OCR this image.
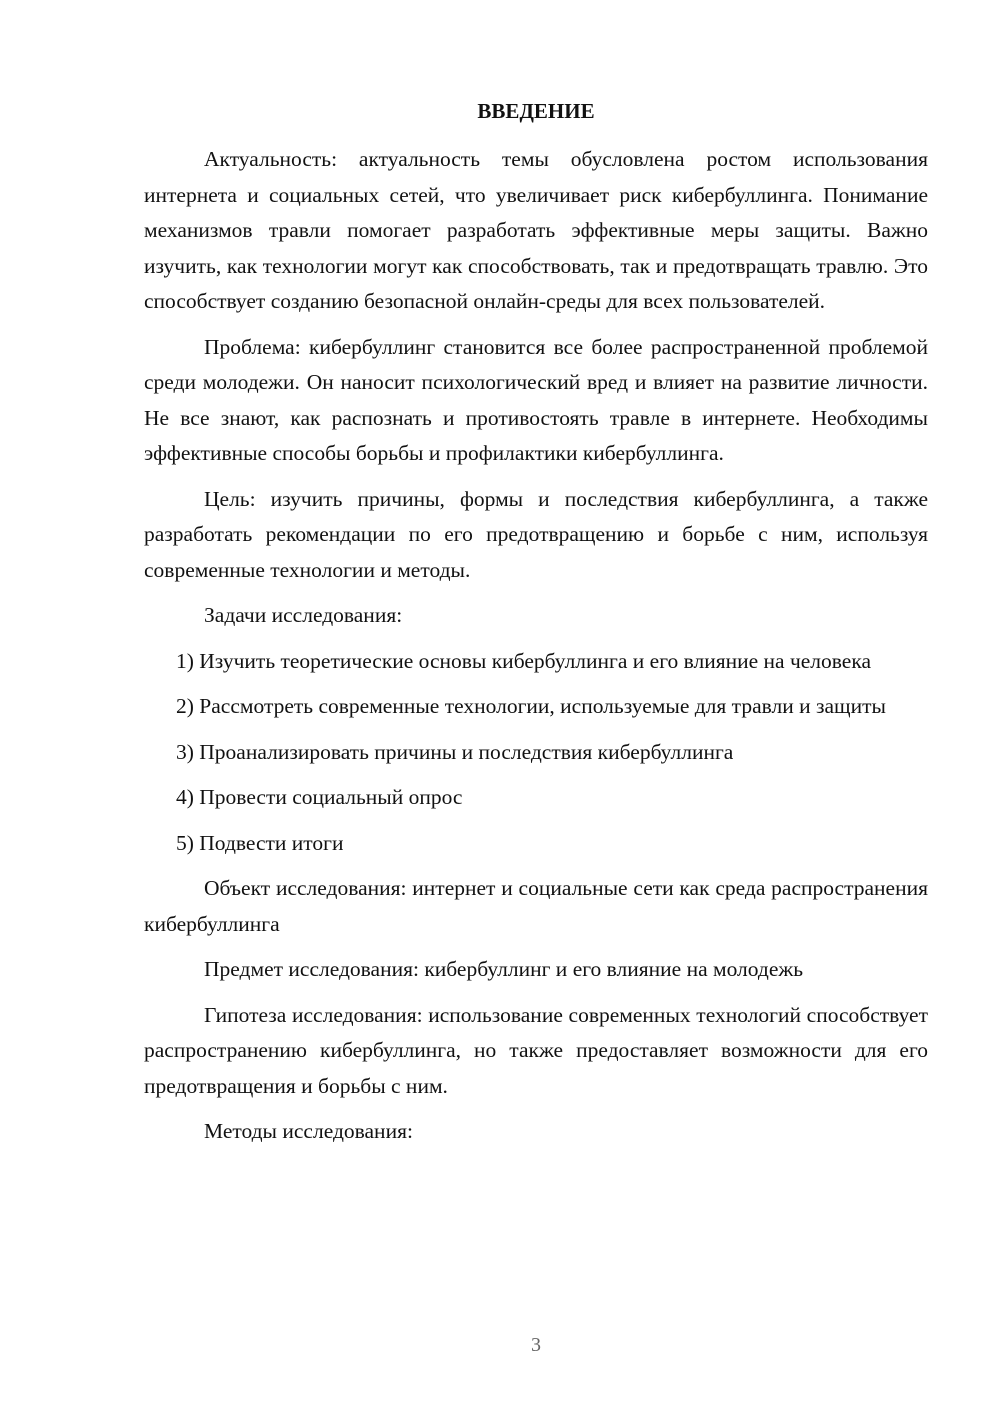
ВВЕДЕНИЕ

Актуальность: актуальность темы обусловлена ростом использования интернета и социальных сетей, что увеличивает риск кибербуллинга. Понимание механизмов травли помогает разработать эффективные меры защиты. Важно изучить, как технологии могут как способствовать, так и предотвращать травлю. Это способствует созданию безопасной онлайн-среды для всех пользователей.

Проблема: кибербуллинг становится все более распространенной проблемой среди молодежи. Он наносит психологический вред и влияет на развитие личности. Не все знают, как распознать и противостоять травле в интернете. Необходимы эффективные способы борьбы и профилактики кибербуллинга.

Цель: изучить причины, формы и последствия кибербуллинга, а также разработать рекомендации по его предотвращению и борьбе с ним, используя современные технологии и методы.

Задачи исследования:

1) Изучить теоретические основы кибербуллинга и его влияние на человека

2) Рассмотреть современные технологии, используемые для травли и защиты

3) Проанализировать причины и последствия кибербуллинга

4) Провести социальный опрос

5) Подвести итоги

Объект исследования: интернет и социальные сети как среда распространения кибербуллинга

Предмет исследования: кибербуллинг и его влияние на молодежь

Гипотеза исследования: использование современных технологий способствует распространению кибербуллинга, но также предоставляет возможности для его предотвращения и борьбы с ним.

Методы исследования:

3
